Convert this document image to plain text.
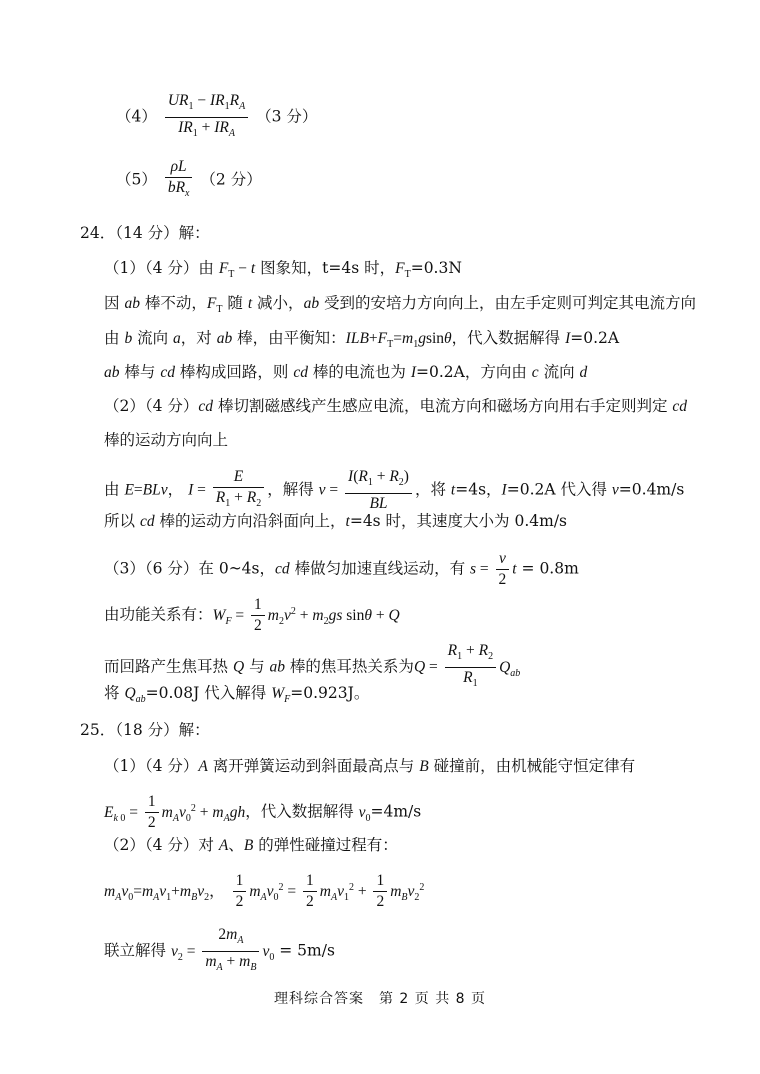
$(4) \frac{UR_1 - IR_1R_A}{IR_1 + IR_A} (3$ 分）
$(5) \frac{\rho L}{bR_x} (2$ 分）
24．（14 分）解：
（1）（4 分）由 $F_T - t$ 图象知，t=4s 时，$F_T=0.3N$
因 ab 棒不动，$F_T$ 随 t 减小，ab 受到的安培力方向向上，由左手定则可判定其电流方向
由 b 流向 a，对 ab 棒，由平衡知：$ILB+F_T=m_1gsin\theta$，代入数据解得 I=0.2A
ab 棒与 cd 棒构成回路，则 cd 棒的电流也为 I=0.2A，方向由 c 流向 d
（2）（4 分）cd 棒切割磁感线产生感应电流，电流方向和磁场方向用右手定则判定 cd
棒的运动方向向上
由 E=BLv， $I = \frac{E}{R_1 + R_2}$ ，解得 $v = \frac{I(R_1 + R_2)}{BL}$ ，将 t=4s，I=0.2A 代入得 v=0.4m/s
所以 cd 棒的运动方向沿斜面向上，t=4s 时，其速度大小为 0.4m/s
（3）（6 分）在 0~4s，cd 棒做匀加速直线运动，有 $s = \frac{v}{2}$ t = 0.8m
由功能关系有：$W_F = \frac{1}{2} m_2v^2 + m_2gs$ sinθ + Q
而回路产生焦耳热 Q 与 ab 棒的焦耳热关系为$Q = \frac{R_1 + R_2}{R_1} Q_{ab}$
将 $Q_{ab}=0.08J$ 代入解得 $W_F=0.923J$。
25．（18 分）解：
（1）（4 分）A 离开弹簧运动到斜面最高点与 B 碰撞前，由机械能守恒定律有
$E_{k 0} = \frac{1}{2} m_Av_0^2 + m_Agh$，代入数据解得 $v_0=4m/s$
（2）（4 分）对 A、B 的弹性碰撞过程有：
$m_Av_0=m_Av_1+m_Bv_2$， $\frac{1}{2} m_Av_0^2 = \frac{1}{2} m_Av_1^2 + \frac{1}{2} m_Bv_2^2$
联立解得 $v_2 = \frac{2m_A}{m_A + m_B} v_0 = 5m/s$
理科综合答案　第 2 页 共 8 页
